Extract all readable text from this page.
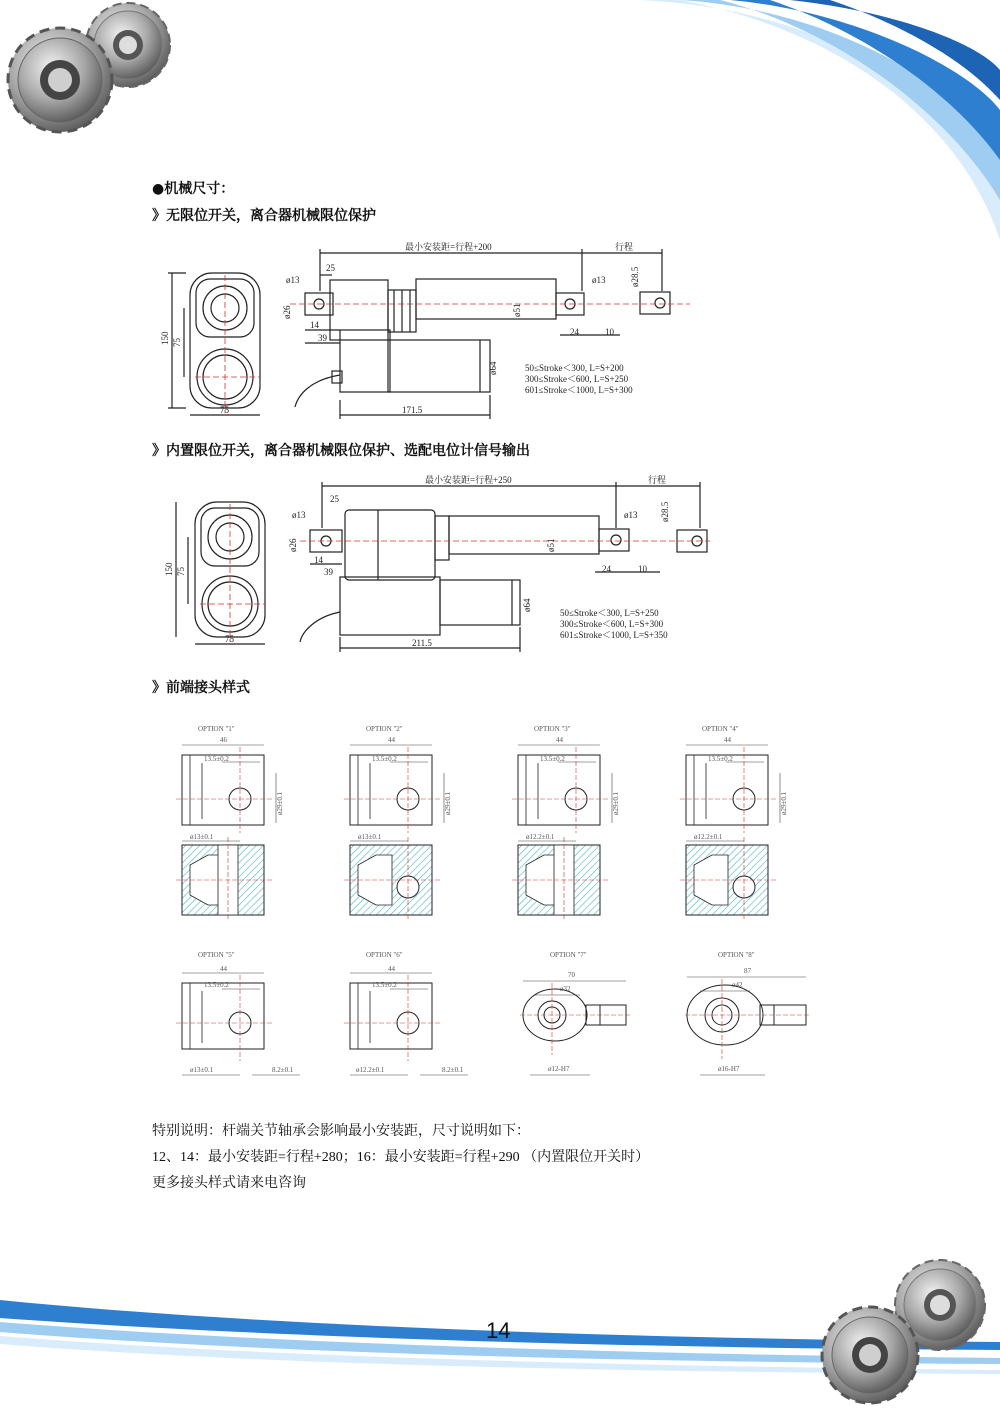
●机械尺寸：
》无限位开关，离合器机械限位保护
最小安装距=行程+200	行程
25
ø13
ø26
14
39
ø51
ø13	ø28.5
24	10
ø64
171.5
150 75
75
50≤Stroke＜300, L=S+200
300≤Stroke＜600, L=S+250
601≤Stroke＜1000, L=S+300
》内置限位开关，离合器机械限位保护、选配电位计信号输出
最小安装距=行程+250	行程
25
ø13
ø26
14
39
ø51
ø13	ø28.5
24	10
ø64
211.5
150 75
75
50≤Stroke＜300, L=S+250
300≤Stroke＜600, L=S+300
601≤Stroke＜1000, L=S+350
》前端接头样式
OPTION "1"
46
13.5±0.2
ø29±0.1
ø13±0.1
OPTION "2"
44
13.5±0.2
ø29±0.1
ø13±0.1
OPTION "3"
44
13.5±0.2
ø29±0.1
ø12.2±0.1
OPTION "4"
44
13.5±0.2
ø29±0.1
ø12.2±0.1
OPTION "5"
44
13.5±0.2
ø13±0.1	8.2±0.1
OPTION "6"
44
13.5±0.2
ø12.2±0.1	8.2±0.1
OPTION "7"
70
ø32
ø12-H7
OPTION "8"
87
ø42
ø16-H7
特别说明：杆端关节轴承会影响最小安装距，尺寸说明如下：
12、14：最小安装距=行程+280；16：最小安装距=行程+290 （内置限位开关时）
更多接头样式请来电咨询
14
